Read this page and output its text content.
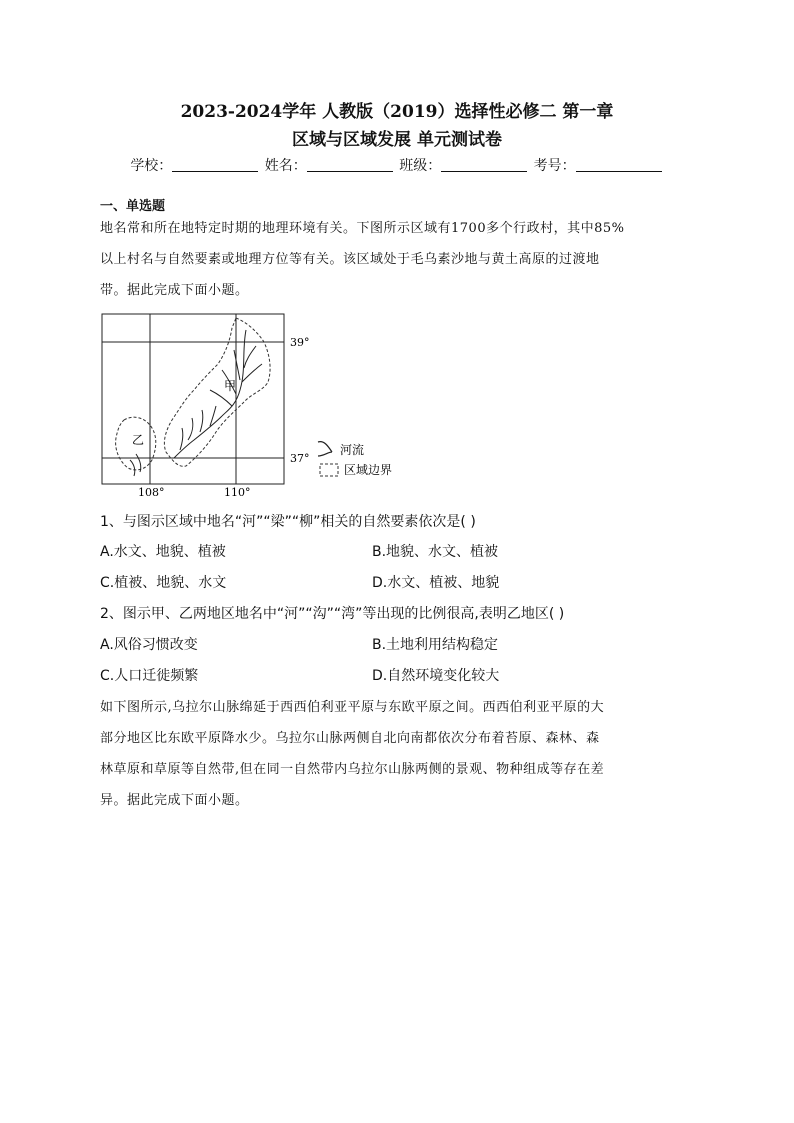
2023-2024学年 人教版（2019）选择性必修二 第一章
区域与区域发展 单元测试卷
学校：	姓名：	班级：	考号：
一、单选题
地名常和所在地特定时期的地理环境有关。下图所示区域有1700多个行政村，其中85%
以上村名与自然要素或地理方位等有关。该区域处于毛乌素沙地与黄土高原的过渡地
带。据此完成下面小题。
甲
乙
39°
37°
108°	110°
河流
区域边界
1、与图示区域中地名“河”“梁”“柳”相关的自然要素依次是( )
A.水文、地貌、植被	B.地貌、水文、植被
C.植被、地貌、水文	D.水文、植被、地貌
2、图示甲、乙两地区地名中“河”“沟”“湾”等出现的比例很高,表明乙地区( )
A.风俗习惯改变	B.土地利用结构稳定
C.人口迁徙频繁	D.自然环境变化较大
如下图所示,乌拉尔山脉绵延于西西伯利亚平原与东欧平原之间。西西伯利亚平原的大
部分地区比东欧平原降水少。乌拉尔山脉两侧自北向南都依次分布着苔原、森林、森
林草原和草原等自然带,但在同一自然带内乌拉尔山脉两侧的景观、物种组成等存在差
异。据此完成下面小题。
